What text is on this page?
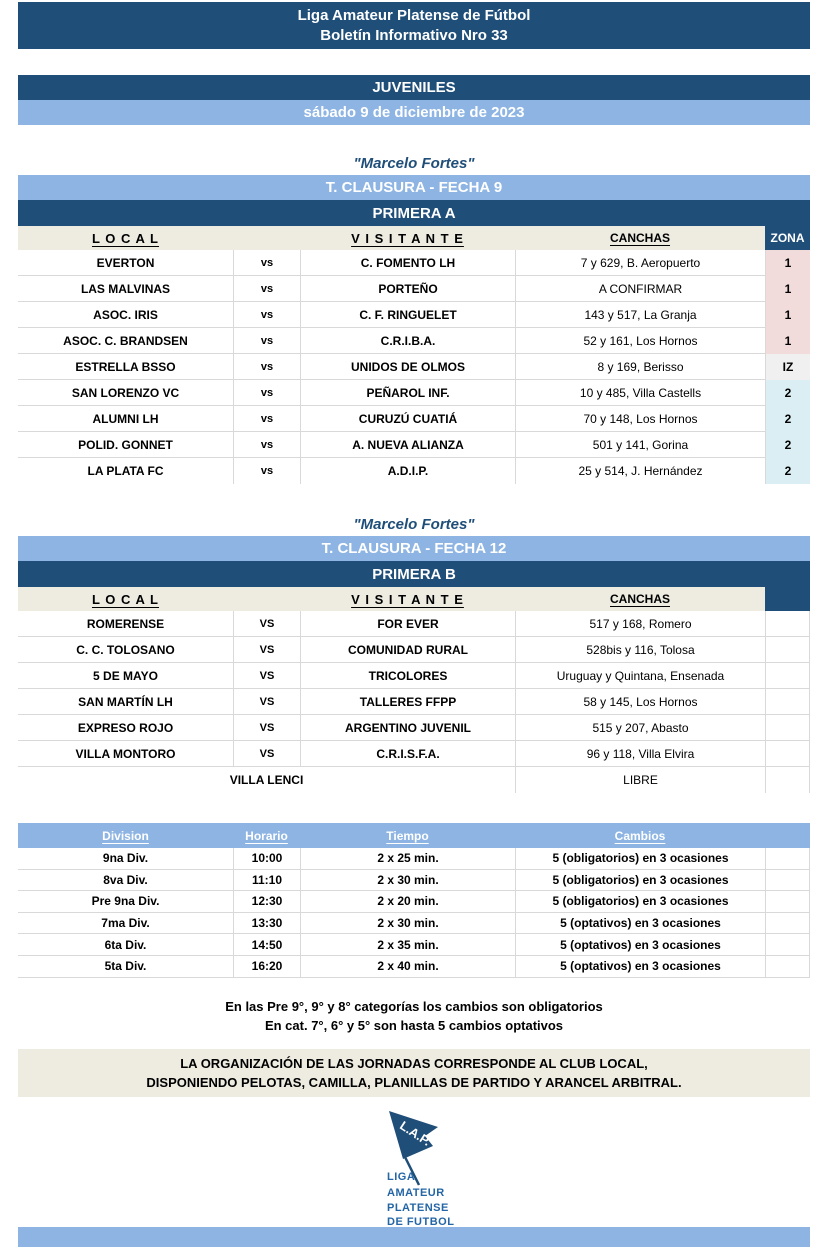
Liga Amateur Platense de Fútbol
Boletín Informativo Nro 33
JUVENILES
sábado 9 de diciembre de 2023
"Marcelo Fortes"
T. CLAUSURA - FECHA 9
PRIMERA A
L O C A L	V I S I T A N T E	CANCHAS	ZONA
EVERTON	vs	C. FOMENTO LH	7 y 629, B. Aeropuerto	1
LAS MALVINAS	vs	PORTEÑO	A CONFIRMAR	1
ASOC. IRIS	vs	C. F. RINGUELET	143 y 517, La Granja	1
ASOC. C. BRANDSEN	vs	C.R.I.B.A.	52 y 161, Los Hornos	1
ESTRELLA BSSO	vs	UNIDOS DE OLMOS	8 y 169, Berisso	IZ
SAN LORENZO VC	vs	PEÑAROL INF.	10 y 485, Villa Castells	2
ALUMNI LH	vs	CURUZÚ CUATIÁ	70 y 148, Los Hornos	2
POLID. GONNET	vs	A. NUEVA ALIANZA	501 y 141, Gorina	2
LA PLATA FC	vs	A.D.I.P.	25 y 514, J. Hernández	2
"Marcelo Fortes"
T. CLAUSURA - FECHA 12
PRIMERA B
L O C A L	V I S I T A N T E	CANCHAS
ROMERENSE	VS	FOR EVER	517 y 168, Romero
C. C. TOLOSANO	VS	COMUNIDAD RURAL	528bis y 116, Tolosa
5 DE MAYO	VS	TRICOLORES	Uruguay y Quintana, Ensenada
SAN MARTÍN LH	VS	TALLERES FFPP	58 y 145, Los Hornos
EXPRESO ROJO	VS	ARGENTINO JUVENIL	515 y 207, Abasto
VILLA MONTORO	VS	C.R.I.S.F.A.	96 y 118, Villa Elvira
VILLA LENCI	LIBRE
Division	Horario	Tiempo	Cambios
9na Div.	10:00	2 x 25 min.	5 (obligatorios) en 3 ocasiones
8va Div.	11:10	2 x 30 min.	5 (obligatorios) en 3 ocasiones
Pre 9na Div.	12:30	2 x 20 min.	5 (obligatorios) en 3 ocasiones
7ma Div.	13:30	2 x 30 min.	5 (optativos) en 3 ocasiones
6ta Div.	14:50	2 x 35 min.	5 (optativos) en 3 ocasiones
5ta Div.	16:20	2 x 40 min.	5 (optativos) en 3 ocasiones
En las Pre 9°, 9° y 8° categorías los cambios son obligatorios
En cat. 7°, 6° y 5° son hasta 5 cambios optativos
LA ORGANIZACIÓN DE LAS JORNADAS CORRESPONDE AL CLUB LOCAL,
DISPONIENDO PELOTAS, CAMILLA, PLANILLAS DE PARTIDO Y ARANCEL ARBITRAL.
L.A.P.
LIGA
AMATEUR
PLATENSE
DE FUTBOL
